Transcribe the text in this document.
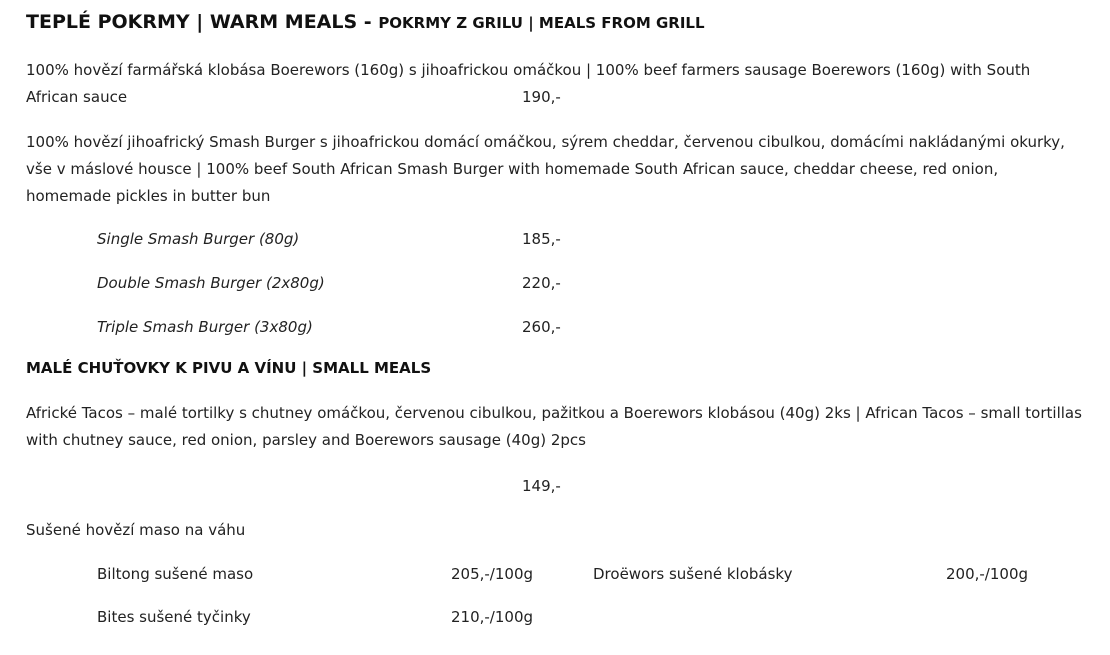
TEPLÉ POKRMY | WARM MEALS - POKRMY Z GRILU | MEALS FROM GRILL
100% hovězí farmářská klobása Boerewors (160g) s jihoafrickou omáčkou | 100% beef farmers sausage Boerewors (160g) with South African sauce	190,-
100% hovězí jihoafrický Smash Burger s jihoafrickou domácí omáčkou, sýrem cheddar, červenou cibulkou, domácími nakládanými okurky, vše v máslové housce | 100% beef South African Smash Burger with homemade South African sauce, cheddar cheese, red onion, homemade pickles in butter bun
Single Smash Burger (80g)	185,-
Double Smash Burger (2x80g)	220,-
Triple Smash Burger (3x80g)	260,-
MALÉ CHUŤOVKY K PIVU A VÍNU | SMALL MEALS
Africké Tacos – malé tortilky s chutney omáčkou, červenou cibulkou, pažitkou a Boerewors klobásou (40g) 2ks | African Tacos – small tortillas with chutney sauce, red onion, parsley and Boerewors sausage (40g) 2pcs
149,-
Sušené hovězí maso na váhu
Biltong sušené maso	205,-/100g	Droëwors sušené klobásky	200,-/100g
Bites sušené tyčinky	210,-/100g
